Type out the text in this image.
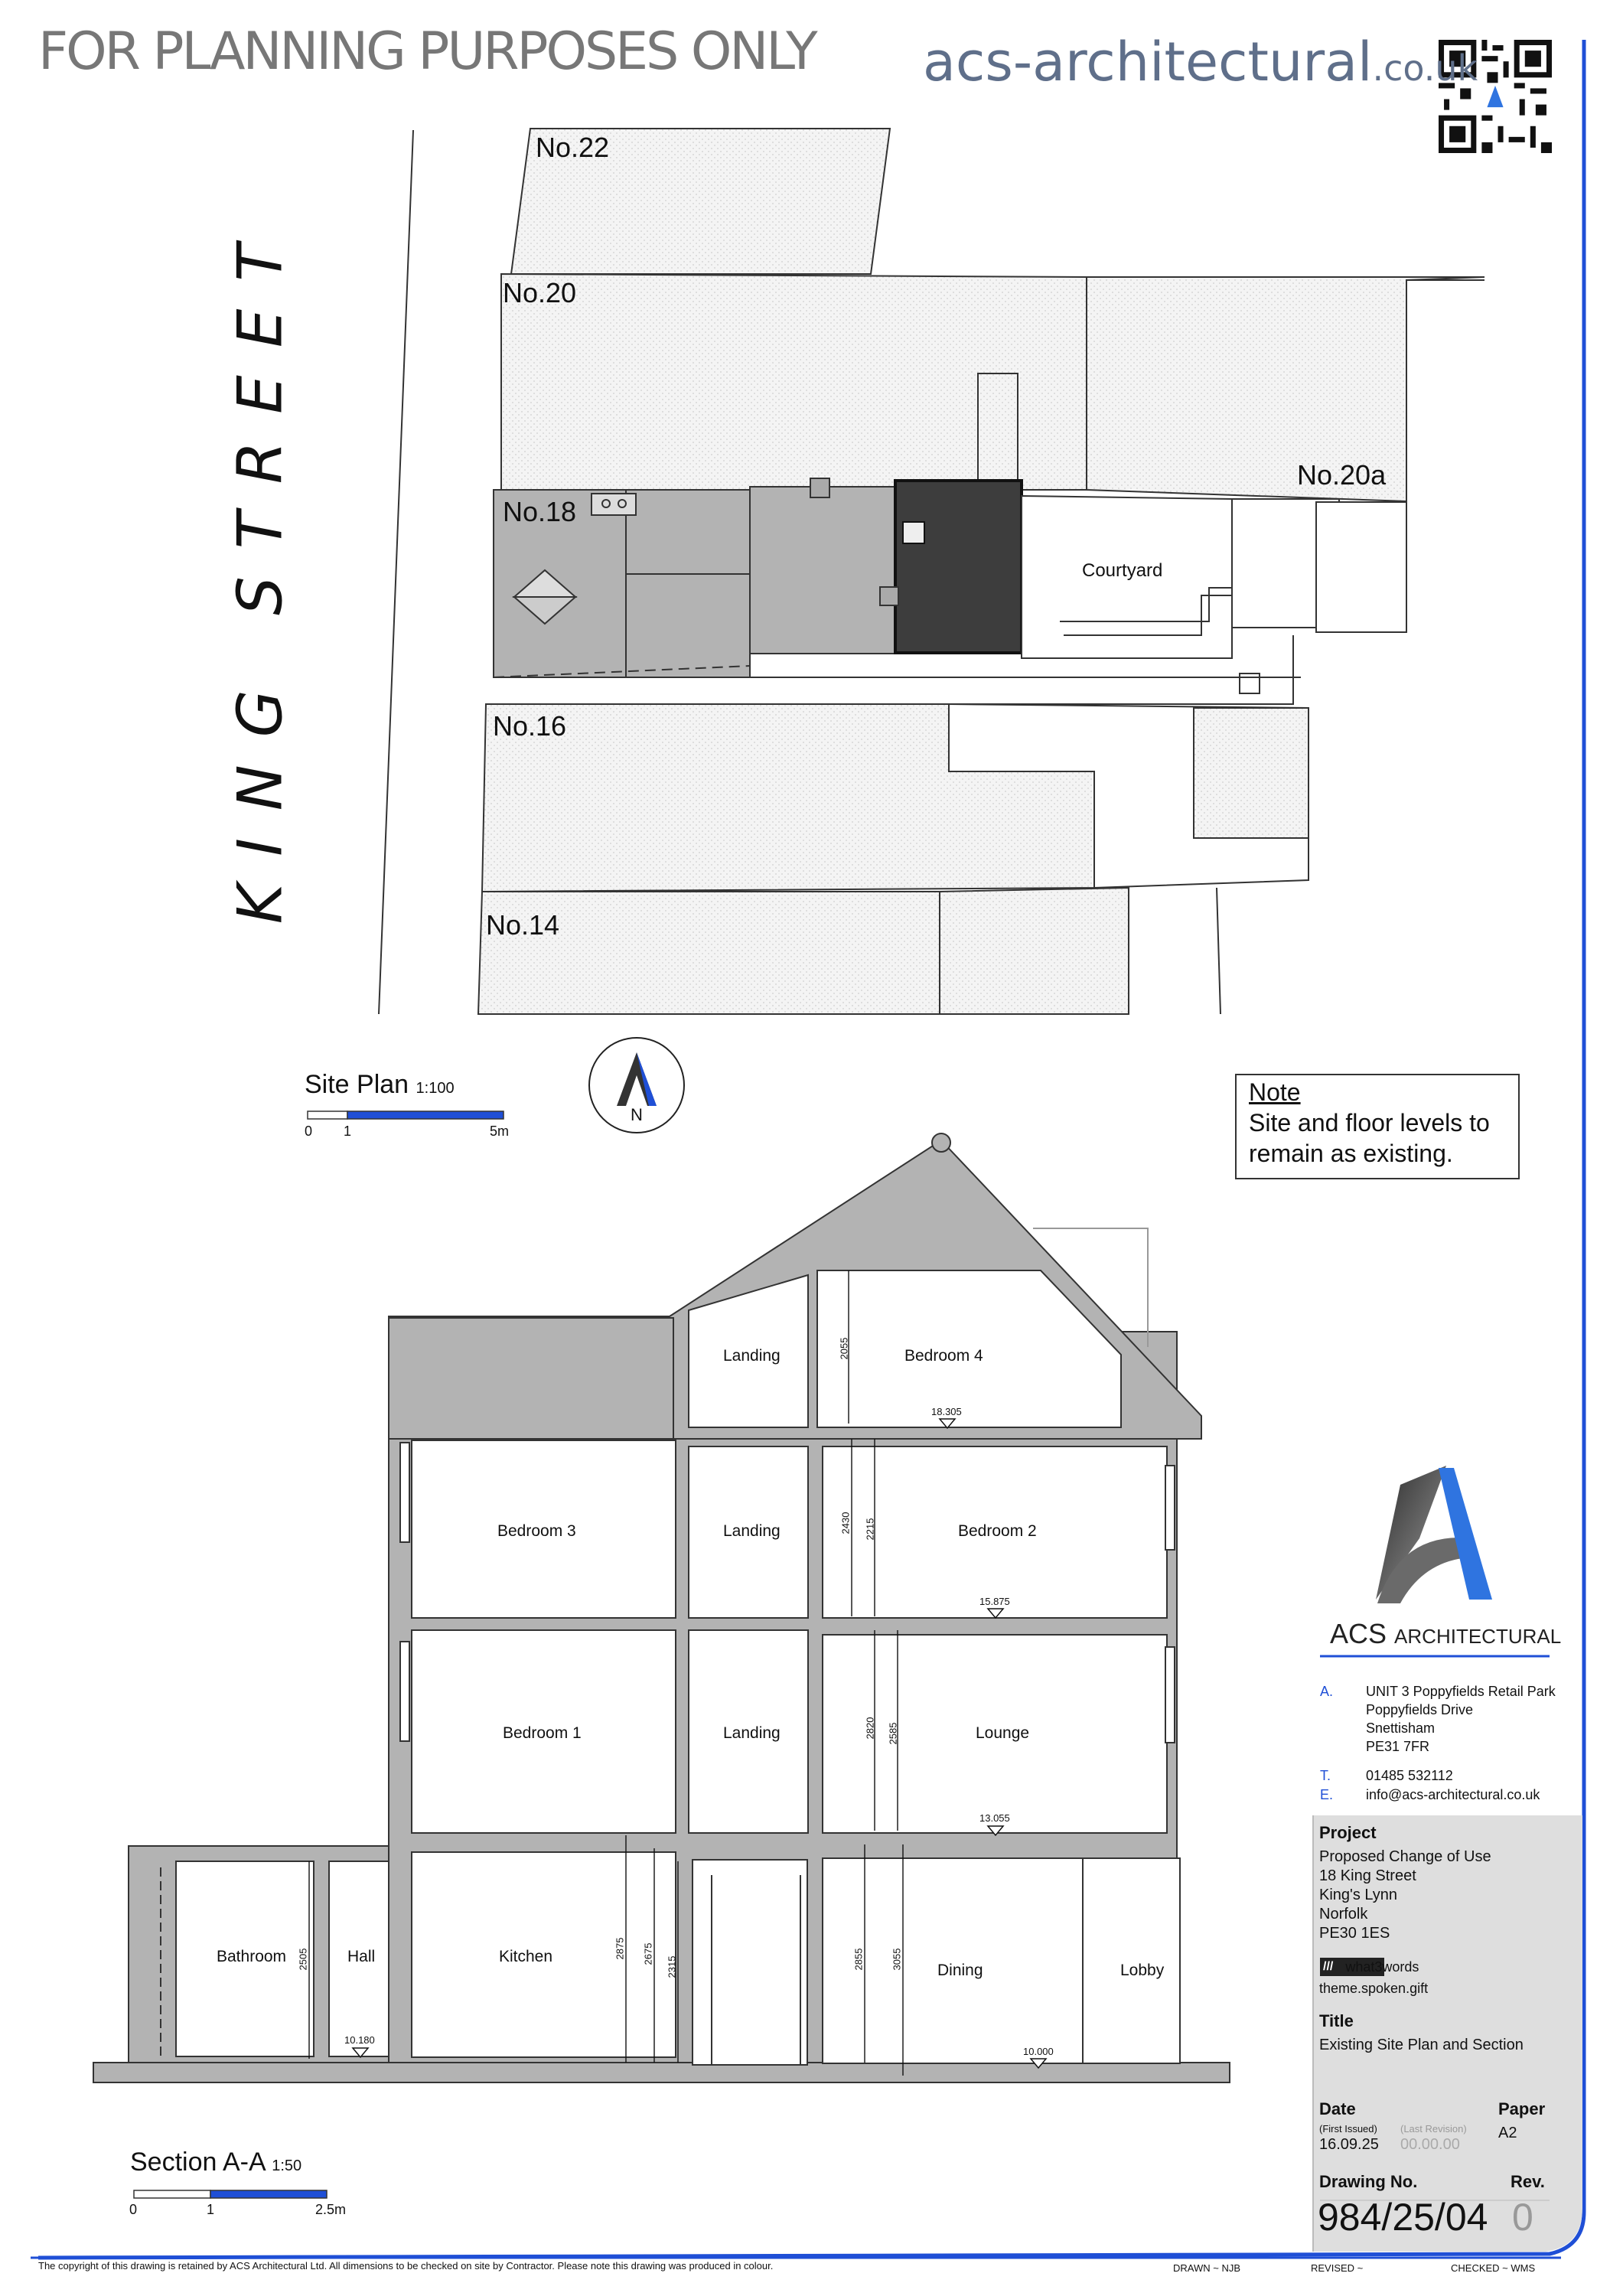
FOR PLANNING PURPOSES ONLY acs-architectural.co.uk
KING STREET
No.22
No.20
No.20a
No.18
No.16
No.14
Courtyard
Site Plan 1:100
0 1	5m
N
Note
Site and floor levels to
remain as existing.
Bedroom 4
Landing
Bedroom 3	Landing	Bedroom 2
Bedroom 1	Landing	Lounge
Bathroom	Hall	Kitchen
Dining	Lobby
18.305
15.875
13.055
10.180
10.000
2055
2430 2215
2820 2585
2505	2875 2675
2315	2855	3055
Section A-A 1:50
0	1	2.5m
ACS ARCHITECTURAL
A. UNIT 3 Poppyfields Retail Park
Poppyfields Drive
Snettisham
PE31 7FR
T.	01485 532112
E. info@acs-architectural.co.uk
Project
Proposed Change of Use
18 King Street
King's Lynn
Norfolk
PE30 1ES
/// what3words
theme.spoken.gift
Title
Existing Site Plan and Section
Date	Paper
(First Issued) (Last Revision)
16.09.25 00.00.00
A2
Drawing No.	Rev.
984/25/04 0
The copyright of this drawing is retained by ACS Architectural Ltd. All dimensions to be checked on site by Contractor. Please note this drawing was produced in colour.	DRAWN ~ NJB	REVISED ~	CHECKED ~ WMS
